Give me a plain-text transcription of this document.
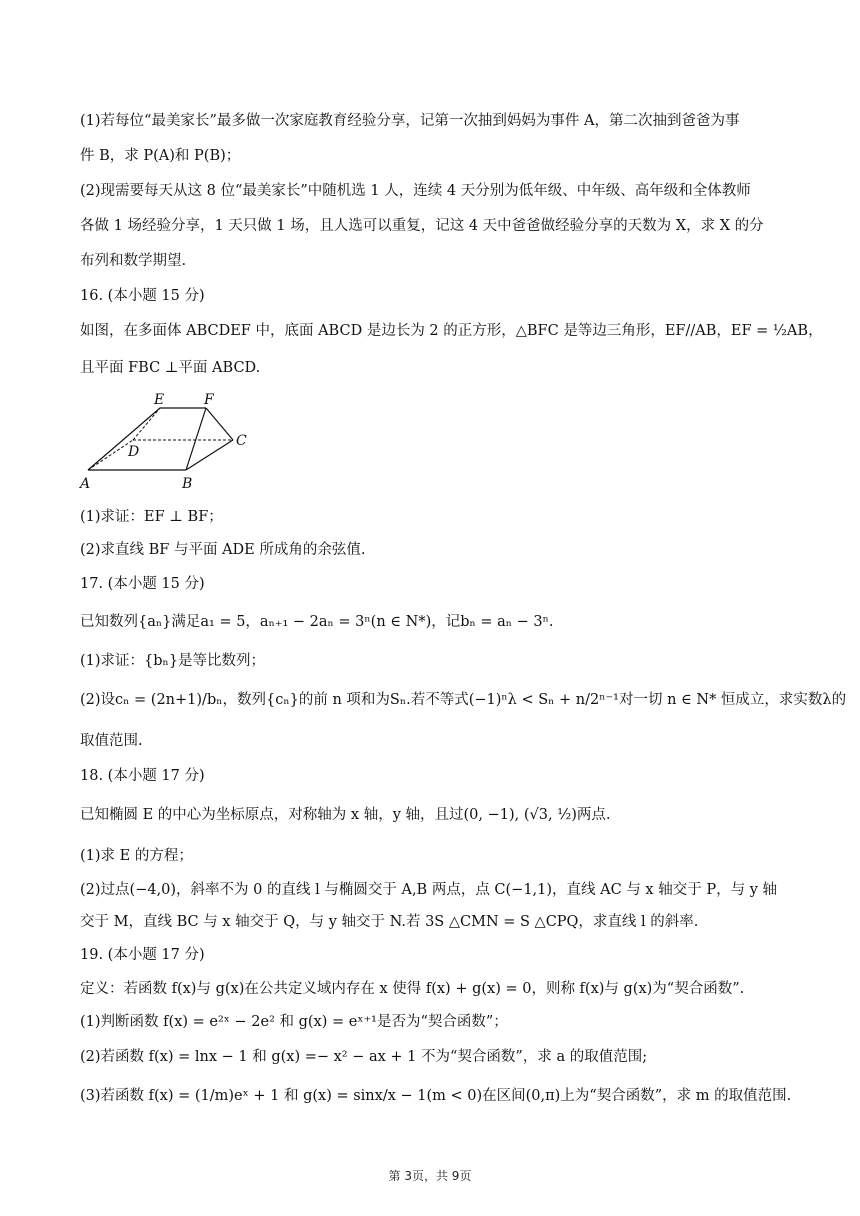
(1)若每位“最美家长”最多做一次家庭教育经验分享，记第一次抽到妈妈为事件 A，第二次抽到爸爸为事
件 B，求 P(A)和 P(B)；
(2)现需要每天从这 8 位“最美家长”中随机选 1 人，连续 4 天分别为低年级、中年级、高年级和全体教师
各做 1 场经验分享，1 天只做 1 场，且人选可以重复，记这 4 天中爸爸做经验分享的天数为 X，求 X 的分
布列和数学期望.
16. (本小题 15 分)
如图，在多面体 ABCDEF 中，底面 ABCD 是边长为 2 的正方形，△BFC 是等边三角形，EF//AB，EF = ½AB，
且平面 FBC ⊥平面 ABCD.
A	B
C
D
E	F
(1)求证：EF ⊥ BF；
(2)求直线 BF 与平面 ADE 所成角的余弦值.
17. (本小题 15 分)
已知数列{aₙ}满足a₁ = 5，aₙ₊₁ − 2aₙ = 3ⁿ(n ∈ N*)，记bₙ = aₙ − 3ⁿ.
(1)求证：{bₙ}是等比数列；
(2)设cₙ = (2n+1)/bₙ，数列{cₙ}的前 n 项和为Sₙ.若不等式(−1)ⁿλ < Sₙ + n/2ⁿ⁻¹对一切 n ∈ N* 恒成立，求实数λ的
取值范围.
18. (本小题 17 分)
已知椭圆 E 的中心为坐标原点，对称轴为 x 轴，y 轴，且过(0, −1), (√3, ½)两点.
(1)求 E 的方程；
(2)过点(−4,0)，斜率不为 0 的直线 l 与椭圆交于 A,B 两点，点 C(−1,1)，直线 AC 与 x 轴交于 P，与 y 轴
交于 M，直线 BC 与 x 轴交于 Q，与 y 轴交于 N.若 3S △CMN = S △CPQ，求直线 l 的斜率.
19. (本小题 17 分)
定义：若函数 f(x)与 g(x)在公共定义域内存在 x 使得 f(x) + g(x) = 0，则称 f(x)与 g(x)为“契合函数”.
(1)判断函数 f(x) = e²ˣ − 2e² 和 g(x) = eˣ⁺¹是否为“契合函数”；
(2)若函数 f(x) = lnx − 1 和 g(x) =− x² − ax + 1 不为“契合函数”，求 a 的取值范围;
(3)若函数 f(x) = (1/m)eˣ + 1 和 g(x) = sinx/x − 1(m < 0)在区间(0,π)上为“契合函数”，求 m 的取值范围.
第 3页，共 9页
